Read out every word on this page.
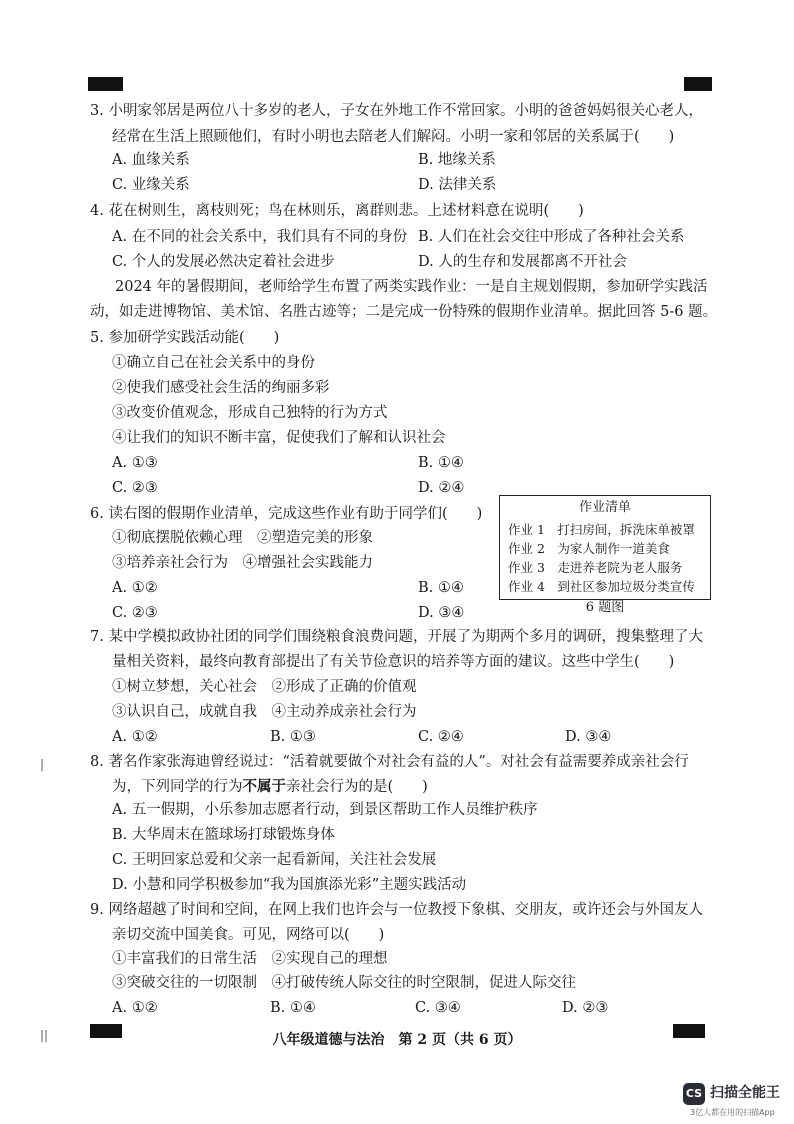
|
||
3. 小明家邻居是两位八十多岁的老人，子女在外地工作不常回家。小明的爸爸妈妈很关心老人，
经常在生活上照顾他们，有时小明也去陪老人们解闷。小明一家和邻居的关系属于(　　)
A. 血缘关系	B. 地缘关系
C. 业缘关系	D. 法律关系
4. 花在树则生，离枝则死；鸟在林则乐，离群则悲。上述材料意在说明(　　)
A. 在不同的社会关系中，我们具有不同的身份 B. 人们在社会交往中形成了各种社会关系
C. 个人的发展必然决定着社会进步	D. 人的生存和发展都离不开社会
2024 年的暑假期间，老师给学生布置了两类实践作业：一是自主规划假期，参加研学实践活
动，如走进博物馆、美术馆、名胜古迹等；二是完成一份特殊的假期作业清单。据此回答 5-6 题。
5. 参加研学实践活动能(　　)
①确立自己在社会关系中的身份
②使我们感受社会生活的绚丽多彩
③改变价值观念，形成自己独特的行为方式
④让我们的知识不断丰富，促使我们了解和认识社会
A. ①③	B. ①④
C. ②③	D. ②④
6. 读右图的假期作业清单，完成这些作业有助于同学们(　　)
①彻底摆脱依赖心理　②塑造完美的形象
③培养亲社会行为　④增强社会实践能力
A. ①②	B. ①④
C. ②③	D. ③④
作业清单
作业 1　打扫房间，拆洗床单被罩
作业 2　为家人制作一道美食
作业 3　走进养老院为老人服务
作业 4　到社区参加垃圾分类宣传
6 题图
7. 某中学模拟政协社团的同学们围绕粮食浪费问题，开展了为期两个多月的调研，搜集整理了大
量相关资料，最终向教育部提出了有关节俭意识的培养等方面的建议。这些中学生(　　)
①树立梦想，关心社会　②形成了正确的价值观
③认识自己，成就自我　④主动养成亲社会行为
A. ①②	B. ①③	C. ②④	D. ③④
8. 著名作家张海迪曾经说过：“活着就要做个对社会有益的人”。对社会有益需要养成亲社会行
为，下列同学的行为不属于亲社会行为的是(　　)
A. 五一假期，小乐参加志愿者行动，到景区帮助工作人员维护秩序
B. 大华周末在篮球场打球锻炼身体
C. 王明回家总爱和父亲一起看新闻，关注社会发展
D. 小慧和同学积极参加“我为国旗添光彩”主题实践活动
9. 网络超越了时间和空间，在网上我们也许会与一位教授下象棋、交朋友，或许还会与外国友人
亲切交流中国美食。可见，网络可以(　　)
①丰富我们的日常生活　②实现自己的理想
③突破交往的一切限制　④打破传统人际交往的时空限制，促进人际交往
A. ①②	B. ①④	C. ③④	D. ②③
八年级道德与法治　第 2 页（共 6 页）
CS 扫描全能王
3亿人都在用的扫描App
